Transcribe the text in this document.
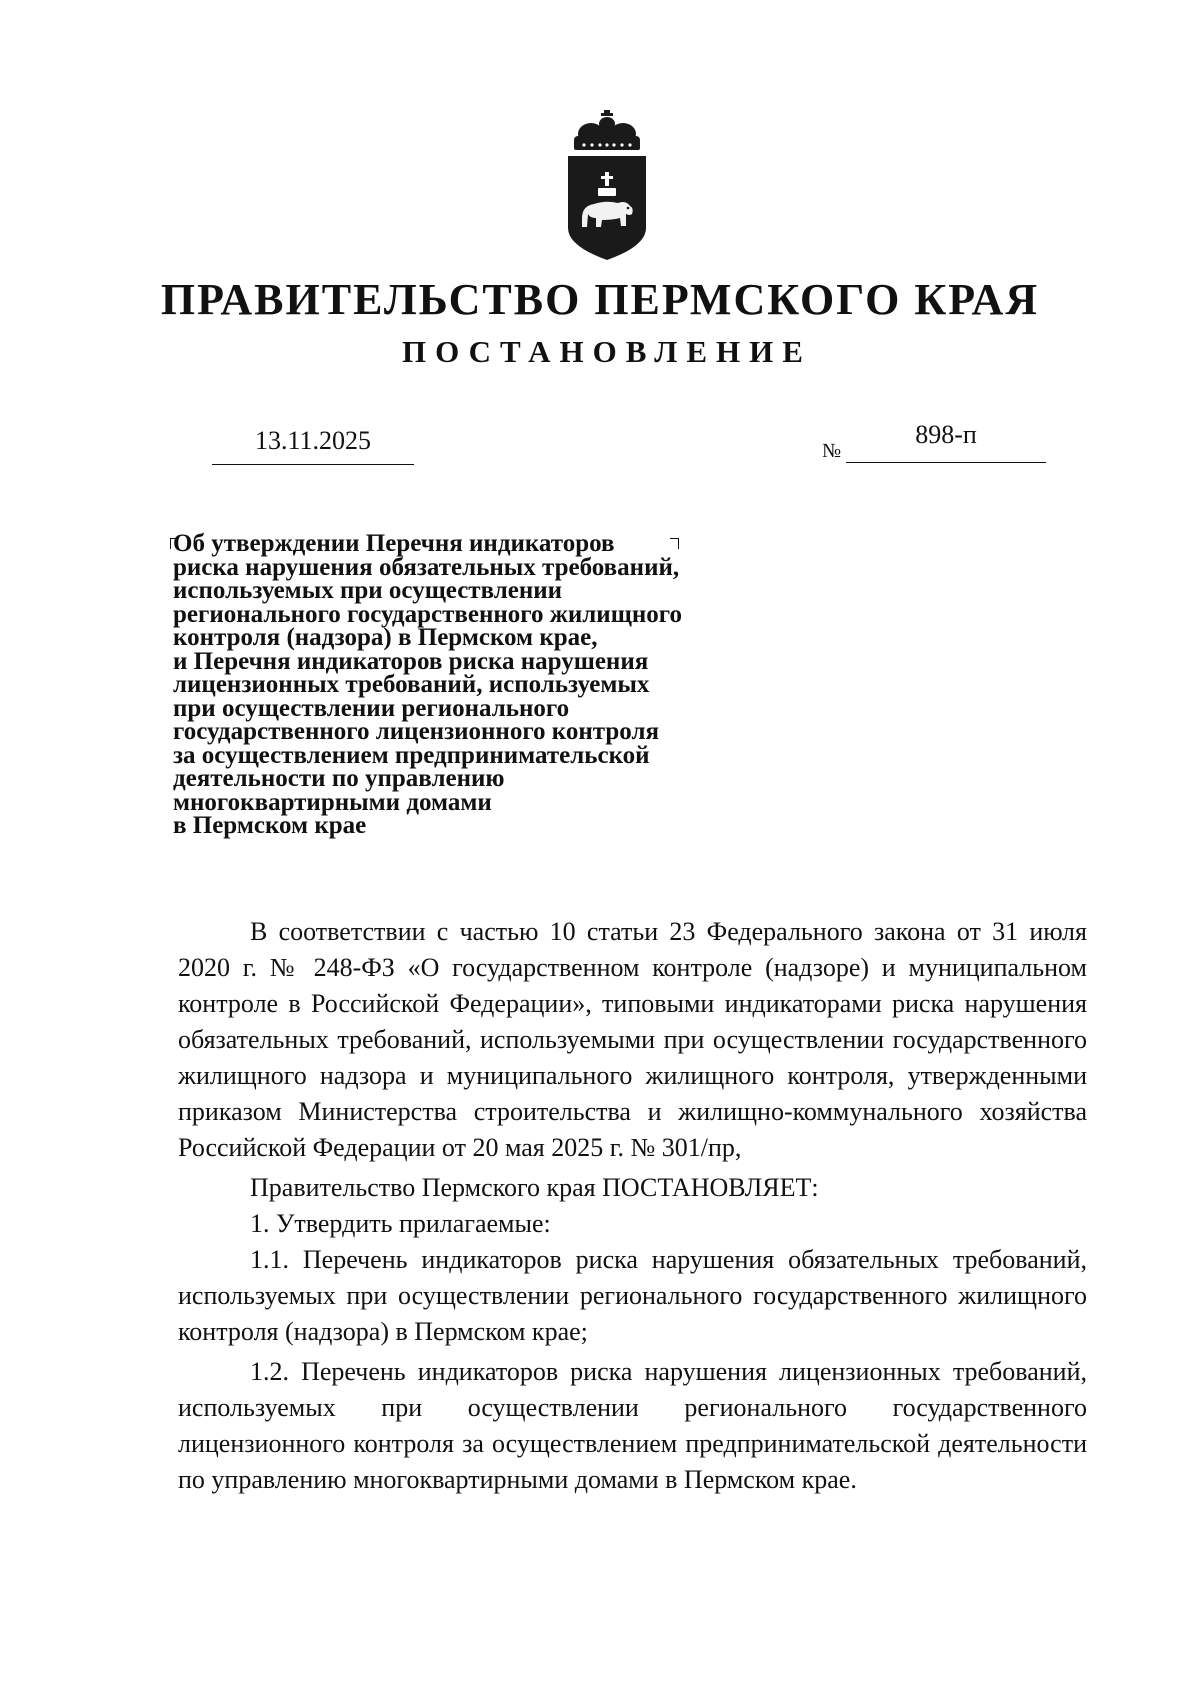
ПРАВИТЕЛЬСТВО ПЕРМСКОГО КРАЯ
ПОСТАНОВЛЕНИЕ
13.11.2025	№
898-п
Об утверждении Перечня индикаторов
риска нарушения обязательных требований,
используемых при осуществлении
регионального государственного жилищного
контроля (надзора) в Пермском крае,
и Перечня индикаторов риска нарушения
лицензионных требований, используемых
при осуществлении регионального
государственного лицензионного контроля
за осуществлением предпринимательской
деятельности по управлению
многоквартирными домами
в Пермском крае

В соответствии с частью 10 статьи 23 Федерального закона от 31 июля 2020 г. № 248-ФЗ «О государственном контроле (надзоре) и муниципальном контроле в Российской Федерации», типовыми индикаторами риска нарушения обязательных требований, используемыми при осуществлении государственного жилищного надзора и муниципального жилищного контроля, утвержденными приказом Министерства строительства и жилищно-коммунального хозяйства Российской Федерации от 20 мая 2025 г. № 301/пр,

Правительство Пермского края ПОСТАНОВЛЯЕТ:

1. Утвердить прилагаемые:

1.1. Перечень индикаторов риска нарушения обязательных требований, используемых при осуществлении регионального государственного жилищного контроля (надзора) в Пермском крае;

1.2. Перечень индикаторов риска нарушения лицензионных требований, используемых при осуществлении регионального государственного лицензионного контроля за осуществлением предпринимательской деятельности по управлению многоквартирными домами в Пермском крае.
